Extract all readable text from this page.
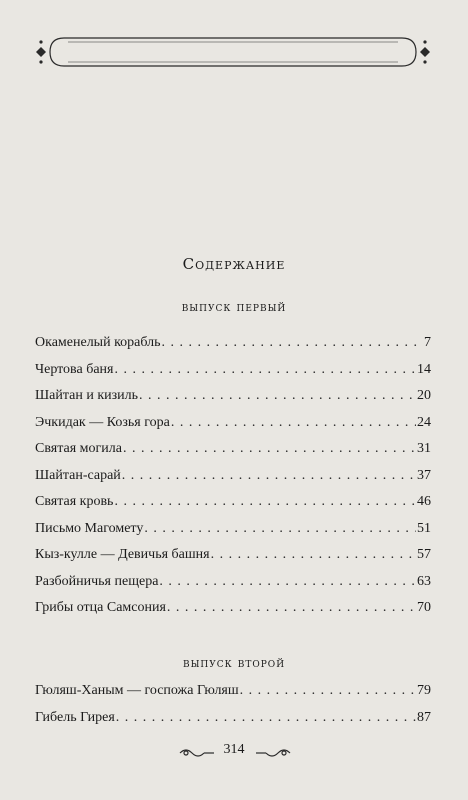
Содержание
выпуск первый
Окаменелый корабль . . .	7
Чертова баня . . .	14
Шайтан и кизиль . . .	20
Эчкидак — Козья гора . . .	24
Святая могила . . .	31
Шайтан-сарай . . .	37
Святая кровь . . .	46
Письмо Магомету . . .	51
Кыз-кулле — Девичья башня . . .	57
Разбойничья пещера . . .	63
Грибы отца Самсония . . .	70
выпуск второй
Гюляш-Ханым — госпожа Гюляш . . .	79
Гибель Гирея . . .	87
314
